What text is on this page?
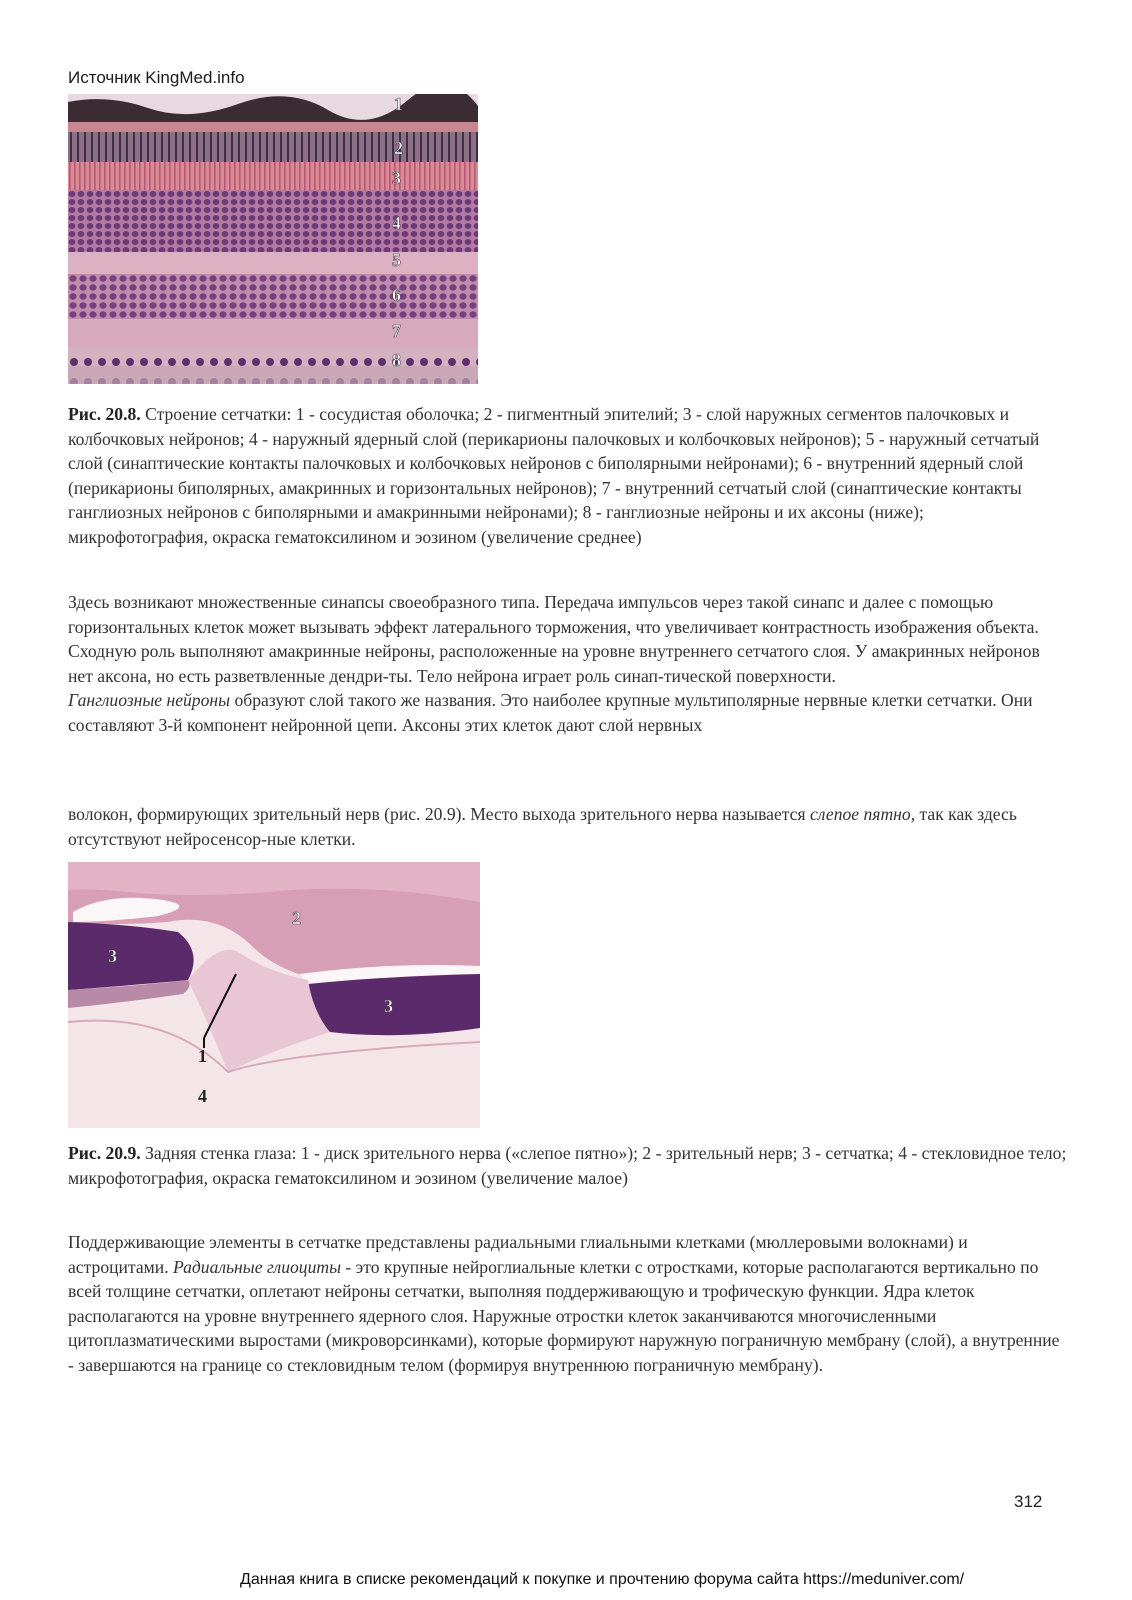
Источник KingMed.info
1
2
3
4
5
6
7
8

Рис. 20.8. Строение сетчатки: 1 - сосудистая оболочка; 2 - пигментный эпителий; 3 - слой наружных сегментов палочковых и колбочковых нейронов; 4 - наружный ядерный слой (перикарионы палочковых и колбочковых нейронов); 5 - наружный сетчатый слой (синаптические контакты палочковых и колбочковых нейронов с биполярными нейронами); 6 - внутренний ядерный слой (перикарионы биполярных, амакринных и горизонтальных нейронов); 7 - внутренний сетчатый слой (синаптические контакты ганглиозных нейронов с биполярными и амакринными нейронами); 8 - ганглиозные нейроны и их аксоны (ниже); микрофотография, окраска гематоксилином и эозином (увеличение среднее)

Здесь возникают множественные синапсы своеобразного типа. Передача импульсов через такой синапс и далее с помощью горизонтальных клеток может вызывать эффект латерального торможения, что увеличивает контрастность изображения объекта. Сходную роль выполняют амакринные нейроны, расположенные на уровне внутреннего сетчатого слоя. У амакринных нейронов нет аксона, но есть разветвленные дендри-ты. Тело нейрона играет роль синап-тической поверхности.
Ганглиозные нейроны образуют слой такого же названия. Это наиболее крупные мультиполярные нервные клетки сетчатки. Они составляют 3-й компонент нейронной цепи. Аксоны этих клеток дают слой нервных

волокон, формирующих зрительный нерв (рис. 20.9). Место выхода зрительного нерва называется слепое пятно, так как здесь отсутствуют нейросенсор-ные клетки.

3
2
3
1
4

Рис. 20.9. Задняя стенка глаза: 1 - диск зрительного нерва («слепое пятно»); 2 - зрительный нерв; 3 - сетчатка; 4 - стекловидное тело; микрофотография, окраска гематоксилином и эозином (увеличение малое)

Поддерживающие элементы в сетчатке представлены радиальными глиальными клетками (мюллеровыми волокнами) и астроцитами. Радиальные глиоциты - это крупные нейроглиальные клетки с отростками, которые располагаются вертикально по всей толщине сетчатки, оплетают нейроны сетчатки, выполняя поддерживающую и трофическую функции. Ядра клеток располагаются на уровне внутреннего ядерного слоя. Наружные отростки клеток заканчиваются многочисленными цитоплазматическими выростами (микроворсинками), которые формируют наружную пограничную мембрану (слой), а внутренние - завершаются на границе со стекловидным телом (формируя внутреннюю пограничную мембрану).

312
Данная книга в списке рекомендаций к покупке и прочтению форума сайта https://meduniver.com/
